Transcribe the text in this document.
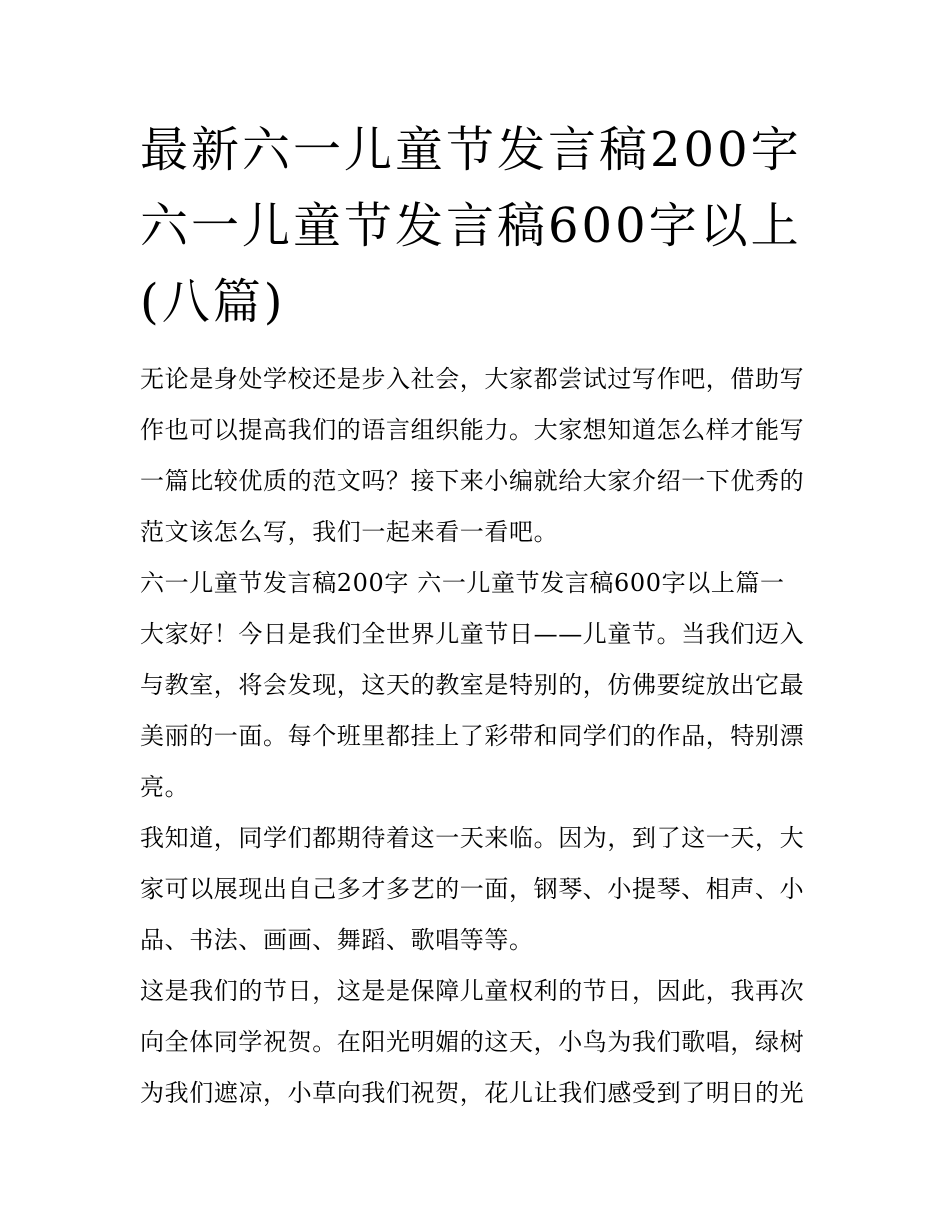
最新六一儿童节发言稿200字
六一儿童节发言稿600字以上
(八篇)
无论是身处学校还是步入社会，大家都尝试过写作吧，借助写
作也可以提高我们的语言组织能力。大家想知道怎么样才能写
一篇比较优质的范文吗？接下来小编就给大家介绍一下优秀的
范文该怎么写，我们一起来看一看吧。
六一儿童节发言稿200字 六一儿童节发言稿600字以上篇一
大家好！今日是我们全世界儿童节日——儿童节。当我们迈入
与教室，将会发现，这天的教室是特别的，仿佛要绽放出它最
美丽的一面。每个班里都挂上了彩带和同学们的作品，特别漂
亮。
我知道，同学们都期待着这一天来临。因为，到了这一天，大
家可以展现出自己多才多艺的一面，钢琴、小提琴、相声、小
品、书法、画画、舞蹈、歌唱等等。
这是我们的节日，这是是保障儿童权利的节日，因此，我再次
向全体同学祝贺。在阳光明媚的这天，小鸟为我们歌唱，绿树
为我们遮凉，小草向我们祝贺，花儿让我们感受到了明日的光
